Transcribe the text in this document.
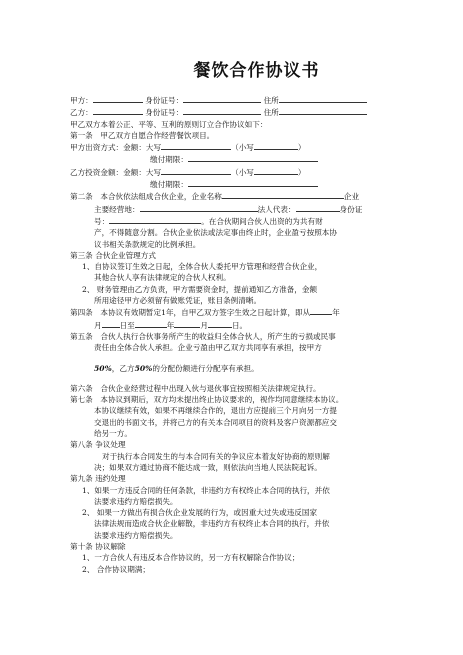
餐饮合作协议书
甲方：	身份证号：	住所
乙方：	身份证号：	住所
甲乙双方本着公正、平等、互利的原则订立合作协议如下：
第一条　甲乙双方自愿合作经营餐饮项目。
甲方出资方式：金额：大写	（小写	）
缴付期限：
乙方投资金额：金额：大写	（小写	）
缴付期限：
第二条　本合伙依法组成合伙企业，企业名称	企业
主要经营地：	法人代表：	身份证
号：	。在合伙期间合伙人出资的为共有财
产，不得随意分割。合伙企业依法或法定事由终止时，企业盈亏按照本协
议书相关条款规定的比例承担。
第三条 合伙企业管理方式
1、自协议签订生效之日起，全体合伙人委托甲方管理和经营合伙企业，
其他合伙人享有法律规定的合伙人权利。
2、 财务管理由乙方负责，甲方需要资金时，提前通知乙方准备，金额
所用途径甲方必须留有做账凭证，账目条例清晰。
第四条　本协议有效期暂定1年，自甲乙双方签字生效之日起计算，即从	年
月 日至	年	月	日。
第五条　合伙人执行合伙事务所产生的收益归全体合伙人，所产生的亏损或民事
责任由全体合伙人承担。企业亏盈由甲乙双方共同享有承担，按甲方
50%，乙方50%的分配份额进行分配享有承担。
第六条　合伙企业经营过程中出现入伙与退伙事宜按照相关法律规定执行。
第七条　本协议到期后，双方均未提出终止协议要求的，视作均同意继续本协议。
本协议继续有效，如果不再继续合作的，退出方应提前三个月向另一方提
交退出的书面文书，并将己方的有关本合同项目的资料及客户资源都应交
给另一方。
第八条 争议处理
对于执行本合同发生的与本合同有关的争议应本着友好协商的原则解
决；如果双方通过协商不能达成一致，则依法向当地人民法院起诉。
第九条 违约处理
1、如果一方违反合同的任何条款，非违约方有权终止本合同的执行，并依
法要求违约方赔偿损失。
2、 如果一方做出有损合伙企业发展的行为，或因重大过失或违反国家
法律法规而造成合伙企业解散，非违约方有权终止本合同的执行，并依
法要求违约方赔偿损失。
第十条 协议解除
1、一方合伙人有违反本合作协议的，另一方有权解除合作协议；
2、 合作协议期满；
